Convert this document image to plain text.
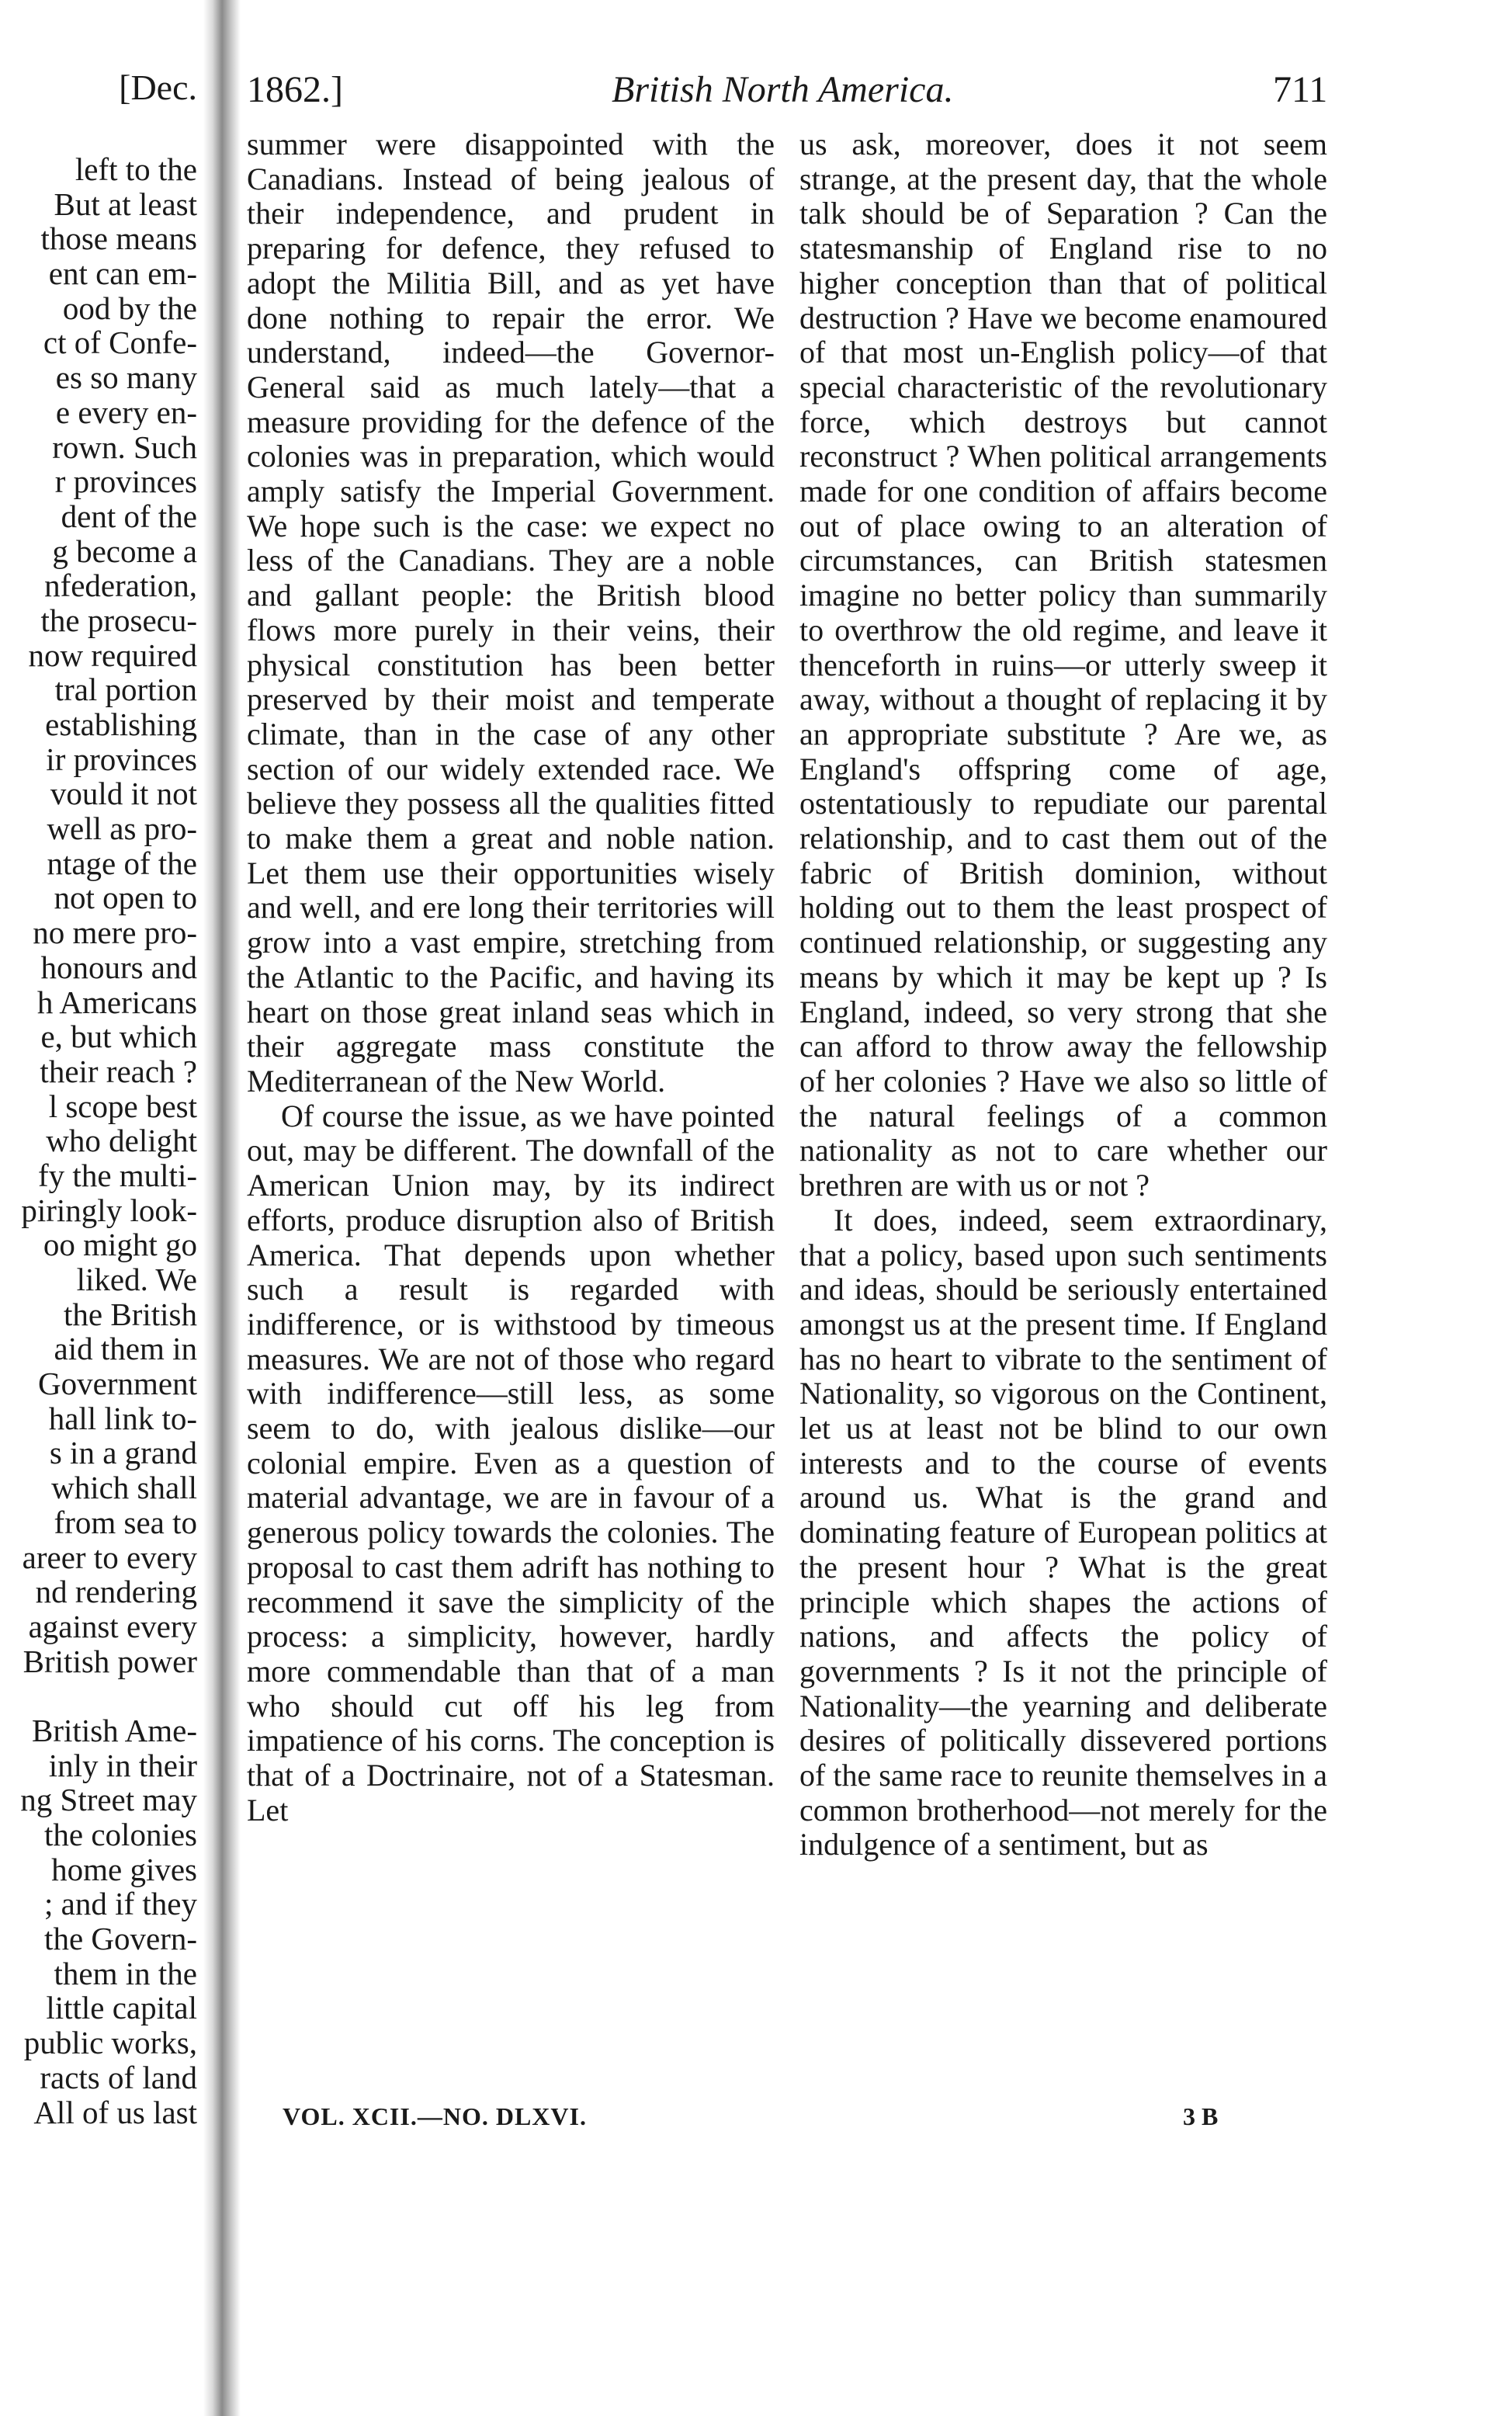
[Dec.
left to the
But at least
those means
ent can em-
ood by the
ct of Confe-
es so many
e every en-
rown. Such
r provinces
dent of the
g become a
nfederation,
the prosecu-
now required
tral portion
establishing
ir provinces
vould it not
well as pro-
ntage of the
not open to
no mere pro-
honours and
h Americans
e, but which
their reach ?
l scope best
who delight
fy the multi-
piringly look-
oo might go
liked. We
the British
aid them in
Government
hall link to-
s in a grand
which shall
from sea to
areer to every
nd rendering
against every
British power
British Ame-
inly in their
ng Street may
the colonies
home gives
; and if they
the Govern-
them in the
little capital
public works,
racts of land
All of us last
1862.]	British North America.	711

summer were disappointed with the Canadians. Instead of being jealous of their independence, and prudent in preparing for defence, they refused to adopt the Militia Bill, and as yet have done nothing to repair the error. We understand, indeed—the Governor-General said as much lately—that a measure providing for the defence of the colonies was in preparation, which would amply satisfy the Imperial Government. We hope such is the case: we expect no less of the Canadians. They are a noble and gallant people: the British blood flows more purely in their veins, their physical constitution has been better preserved by their moist and temperate climate, than in the case of any other section of our widely extended race. We believe they possess all the qualities fitted to make them a great and noble nation. Let them use their opportunities wisely and well, and ere long their territories will grow into a vast empire, stretching from the Atlantic to the Pacific, and having its heart on those great inland seas which in their aggregate mass constitute the Mediterranean of the New World.

Of course the issue, as we have pointed out, may be different. The downfall of the American Union may, by its indirect efforts, produce disruption also of British America. That depends upon whether such a result is regarded with indifference, or is withstood by timeous measures. We are not of those who regard with indifference—still less, as some seem to do, with jealous dislike—our colonial empire. Even as a question of material advantage, we are in favour of a generous policy towards the colonies. The proposal to cast them adrift has nothing to recommend it save the simplicity of the process: a simplicity, however, hardly more commendable than that of a man who should cut off his leg from impatience of his corns. The conception is that of a Doctrinaire, not of a Statesman. Let

us ask, moreover, does it not seem strange, at the present day, that the whole talk should be of Separation ? Can the statesmanship of England rise to no higher conception than that of political destruction ? Have we become enamoured of that most un-English policy—of that special characteristic of the revolutionary force, which destroys but cannot reconstruct ? When political arrangements made for one condition of affairs become out of place owing to an alteration of circumstances, can British statesmen imagine no better policy than summarily to overthrow the old regime, and leave it thenceforth in ruins—or utterly sweep it away, without a thought of replacing it by an appropriate substitute ? Are we, as England's offspring come of age, ostentatiously to repudiate our parental relationship, and to cast them out of the fabric of British dominion, without holding out to them the least prospect of continued relationship, or suggesting any means by which it may be kept up ? Is England, indeed, so very strong that she can afford to throw away the fellowship of her colonies ? Have we also so little of the natural feelings of a common nationality as not to care whether our brethren are with us or not ?

It does, indeed, seem extraordinary, that a policy, based upon such sentiments and ideas, should be seriously entertained amongst us at the present time. If England has no heart to vibrate to the sentiment of Nationality, so vigorous on the Continent, let us at least not be blind to our own interests and to the course of events around us. What is the grand and dominating feature of European politics at the present hour ? What is the great principle which shapes the actions of nations, and affects the policy of governments ? Is it not the principle of Nationality—the yearning and deliberate desires of politically dissevered portions of the same race to reunite themselves in a common brotherhood—not merely for the indulgence of a sentiment, but as

VOL. XCII.—NO. DLXVI.	3 B
